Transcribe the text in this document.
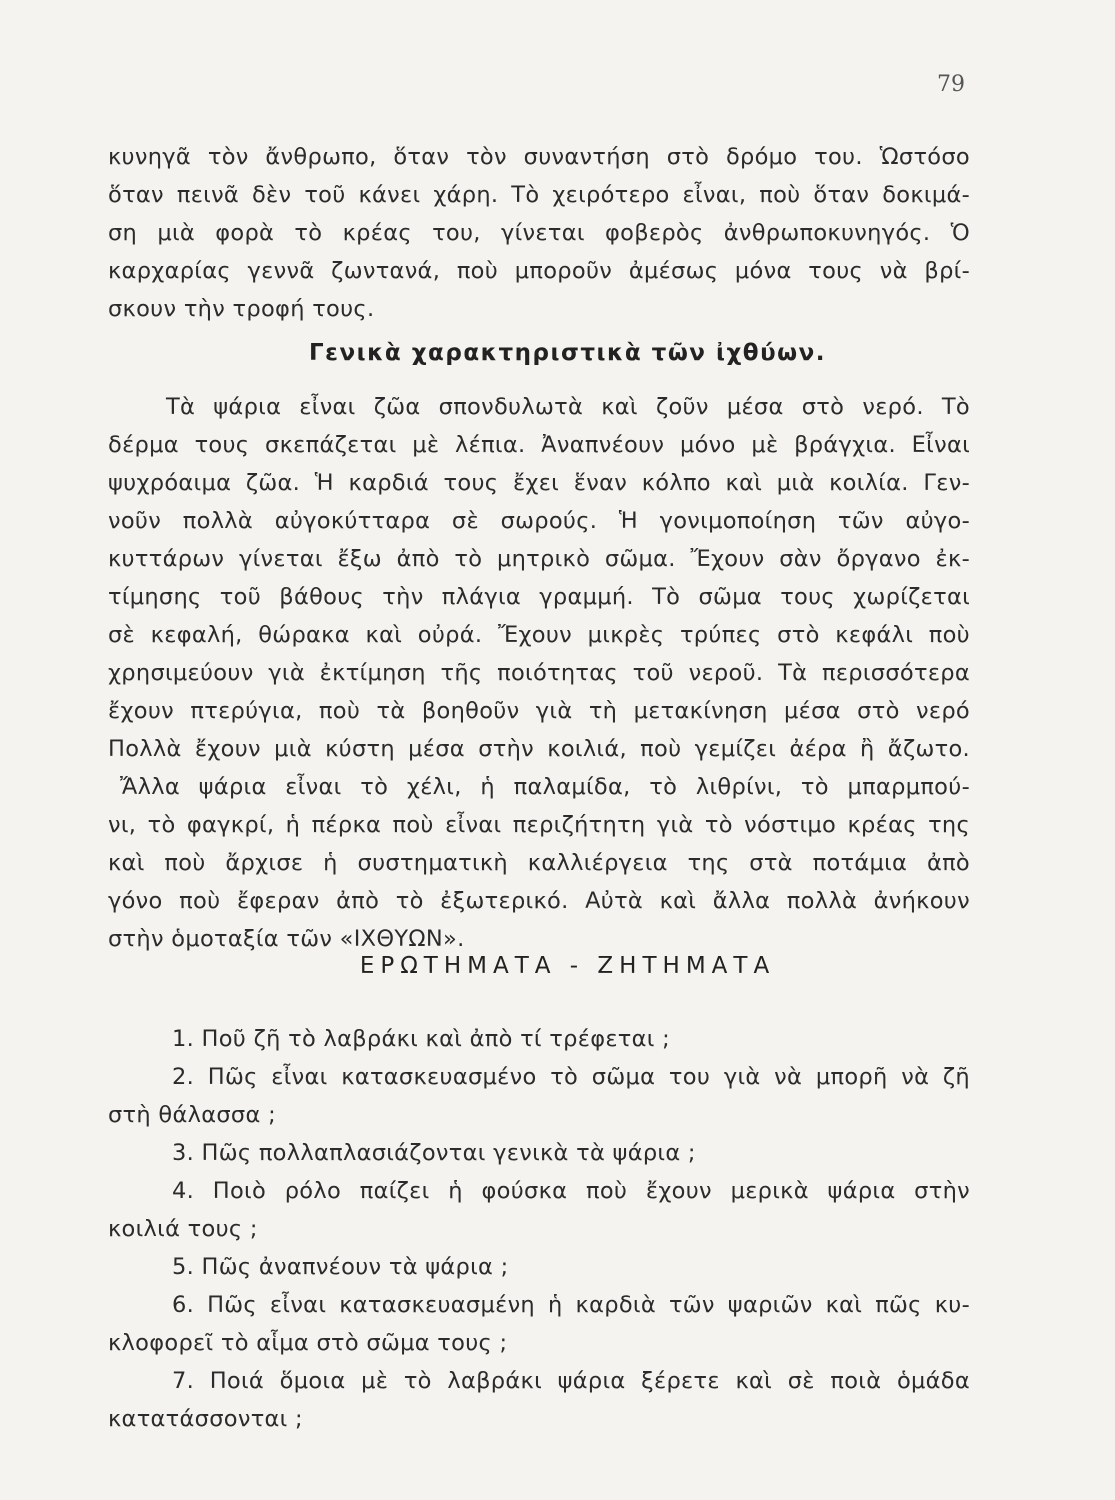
79
κυνηγᾶ τὸν ἄνθρωπο, ὅταν τὸν συναντήση στὸ δρόμο του. Ὡστόσο
ὅταν πεινᾶ δὲν τοῦ κάνει χάρη. Τὸ χειρότερο εἶναι, ποὺ ὅταν δοκιμά-
ση μιὰ φορὰ τὸ κρέας του, γίνεται φοβερὸς ἀνθρωποκυνηγός. Ὁ
καρχαρίας γεννᾶ ζωντανά, ποὺ μποροῦν ἀμέσως μόνα τους νὰ βρί-
σκουν τὴν τροφή τους.
Γενικὰ χαρακτηριστικὰ τῶν ἰχθύων.
Τὰ ψάρια εἶναι ζῶα σπονδυλωτὰ καὶ ζοῦν μέσα στὸ νερό. Τὸ
δέρμα τους σκεπάζεται μὲ λέπια. Ἀναπνέουν μόνο μὲ βράγχια. Εἶναι
ψυχρόαιμα ζῶα. Ἡ καρδιά τους ἔχει ἕναν κόλπο καὶ μιὰ κοιλία. Γεν-
νοῦν πολλὰ αὐγοκύτταρα σὲ σωρούς. Ἡ γονιμοποίηση τῶν αὐγο-
κυττάρων γίνεται ἔξω ἀπὸ τὸ μητρικὸ σῶμα. Ἔχουν σὰν ὄργανο ἐκ-
τίμησης τοῦ βάθους τὴν πλάγια γραμμή. Τὸ σῶμα τους χωρίζεται
σὲ κεφαλή, θώρακα καὶ οὐρά. Ἔχουν μικρὲς τρύπες στὸ κεφάλι ποὺ
χρησιμεύουν γιὰ ἐκτίμηση τῆς ποιότητας τοῦ νεροῦ. Τὰ περισσότερα
ἔχουν πτερύγια, ποὺ τὰ βοηθοῦν γιὰ τὴ μετακίνηση μέσα στὸ νερό
Πολλὰ ἔχουν μιὰ κύστη μέσα στὴν κοιλιά, ποὺ γεμίζει ἀέρα ἢ ἄζωτο.
Ἄλλα ψάρια εἶναι τὸ χέλι, ἡ παλαμίδα, τὸ λιθρίνι, τὸ μπαρμπού-
νι, τὸ φαγκρί, ἡ πέρκα ποὺ εἶναι περιζήτητη γιὰ τὸ νόστιμο κρέας της
καὶ ποὺ ἄρχισε ἡ συστηματικὴ καλλιέργεια της στὰ ποτάμια ἀπὸ
γόνο ποὺ ἔφεραν ἀπὸ τὸ ἐξωτερικό. Αὐτὰ καὶ ἄλλα πολλὰ ἀνήκουν
στὴν ὁμοταξία τῶν «ΙΧΘΥΩΝ».
ΕΡΩΤΗΜΑΤΑ - ΖΗΤΗΜΑΤΑ
1. Ποῦ ζῆ τὸ λαβράκι καὶ ἀπὸ τί τρέφεται ;
2. Πῶς εἶναι κατασκευασμένο τὸ σῶμα του γιὰ νὰ μπορῆ νὰ ζῆ
στὴ θάλασσα ;
3. Πῶς πολλαπλασιάζονται γενικὰ τὰ ψάρια ;
4. Ποιὸ ρόλο παίζει ἡ φούσκα ποὺ ἔχουν μερικὰ ψάρια στὴν
κοιλιά τους ;
5. Πῶς ἀναπνέουν τὰ ψάρια ;
6. Πῶς εἶναι κατασκευασμένη ἡ καρδιὰ τῶν ψαριῶν καὶ πῶς κυ-
κλοφορεῖ τὸ αἷμα στὸ σῶμα τους ;
7. Ποιά ὅμοια μὲ τὸ λαβράκι ψάρια ξέρετε καὶ σὲ ποιὰ ὁμάδα
κατατάσσονται ;
